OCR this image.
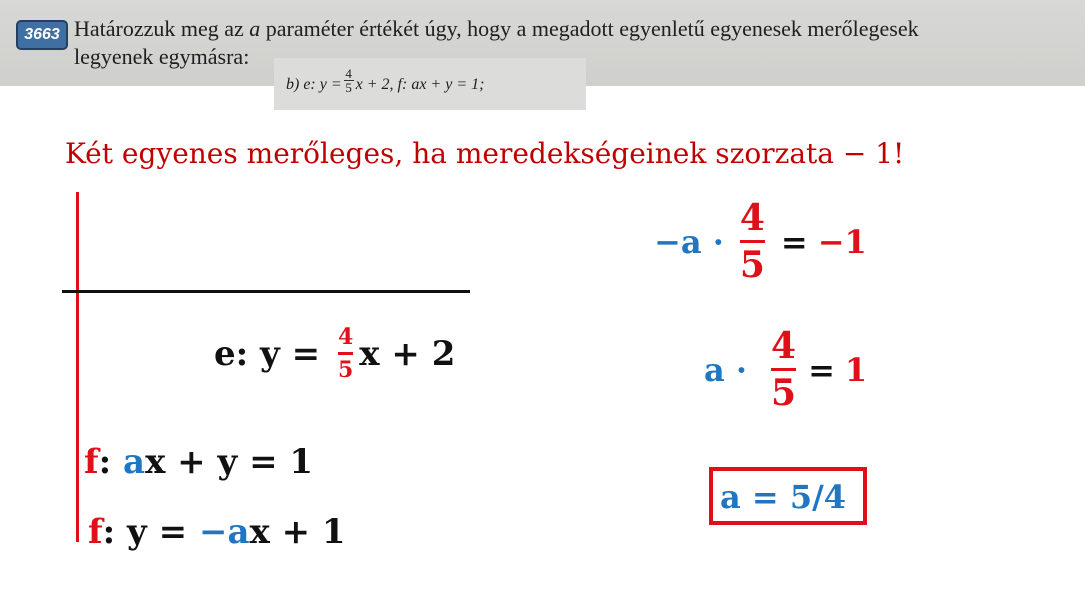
3663 Határozzuk meg az a paraméter értékét úgy, hogy a megadott egyenletű egyenesek merőlegesek
legyenek egymásra:
b) e: $y = \frac{4}{5}$ x + 2, f: ax + y = 1;
Két egyenes merőleges, ha meredekségeinek szorzata − 1!
e : $y = \frac{4}{5}$ x + 2
f : a x + y = 1
f : y = −a x + 1
$-a \cdot \frac{4}{5} = -1$
$a \cdot \frac{4}{5} = 1$
a = 5/4
